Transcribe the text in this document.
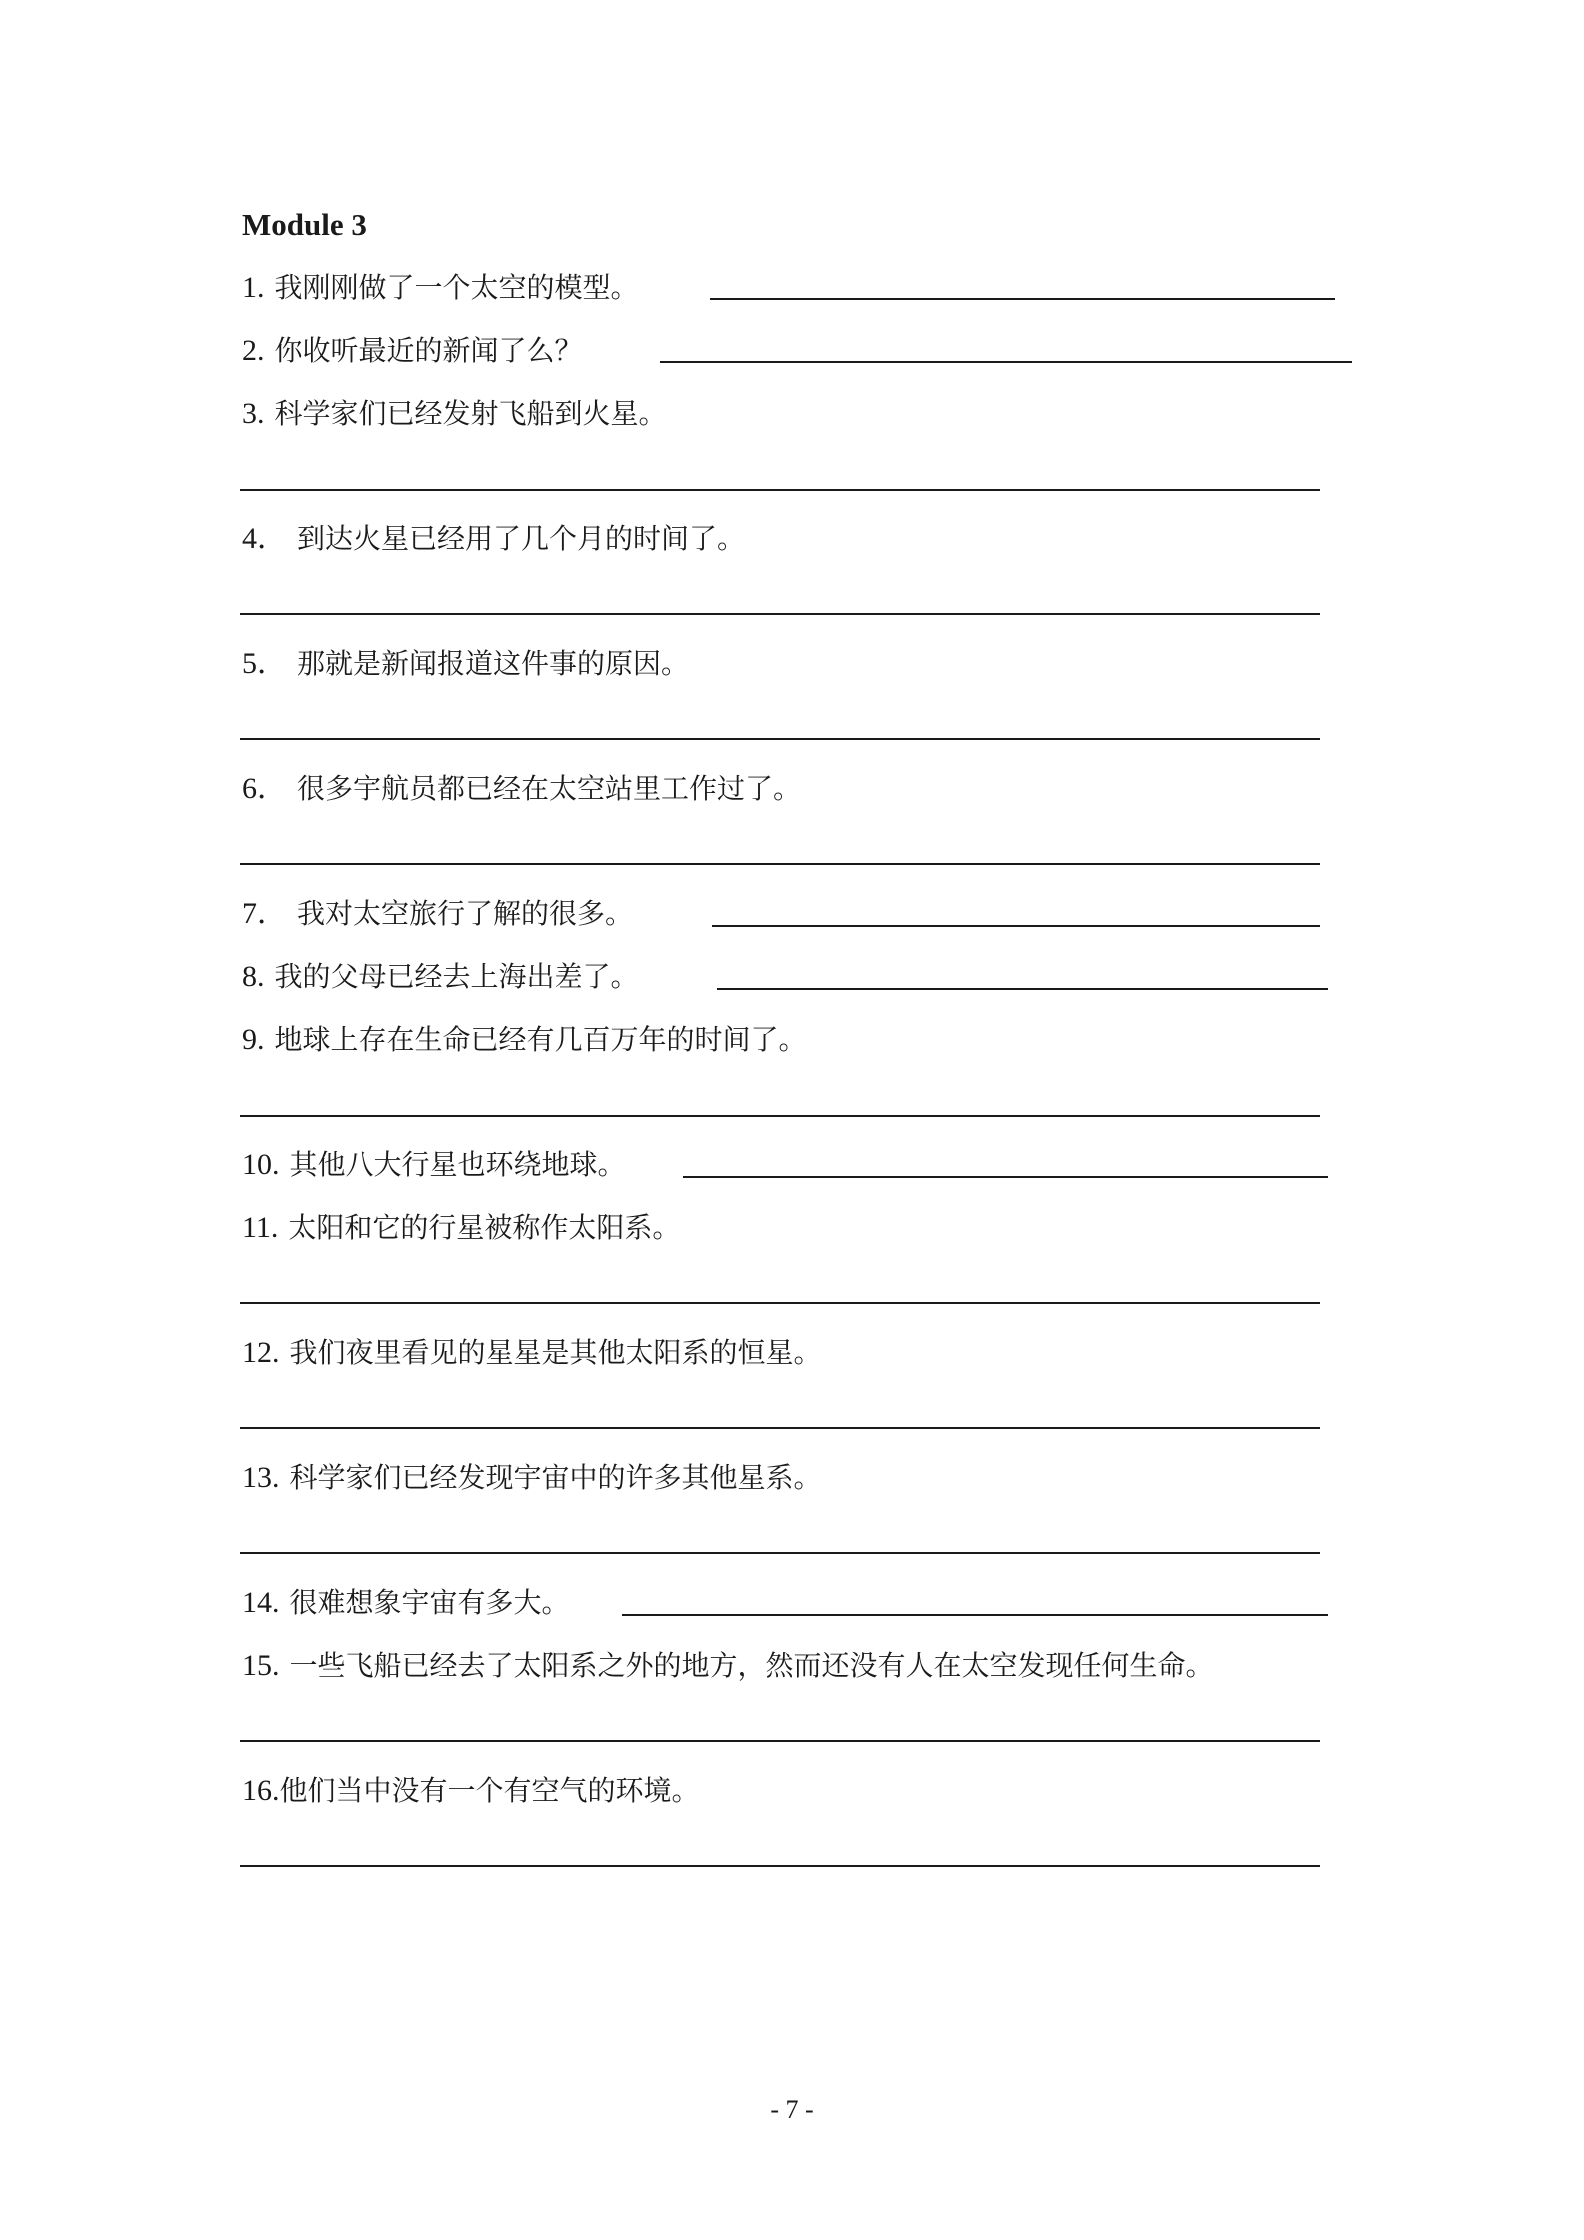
Module 3
1. 我刚刚做了一个太空的模型。
2. 你收听最近的新闻了么？
3. 科学家们已经发射飞船到火星。
4． 到达火星已经用了几个月的时间了。
5． 那就是新闻报道这件事的原因。
6． 很多宇航员都已经在太空站里工作过了。
7． 我对太空旅行了解的很多。
8. 我的父母已经去上海出差了。
9. 地球上存在生命已经有几百万年的时间了。
10. 其他八大行星也环绕地球。
11. 太阳和它的行星被称作太阳系。
12. 我们夜里看见的星星是其他太阳系的恒星。
13. 科学家们已经发现宇宙中的许多其他星系。
14. 很难想象宇宙有多大。
15. 一些飞船已经去了太阳系之外的地方，然而还没有人在太空发现任何生命。
16. 他们当中没有一个有空气的环境。
- 7 -
